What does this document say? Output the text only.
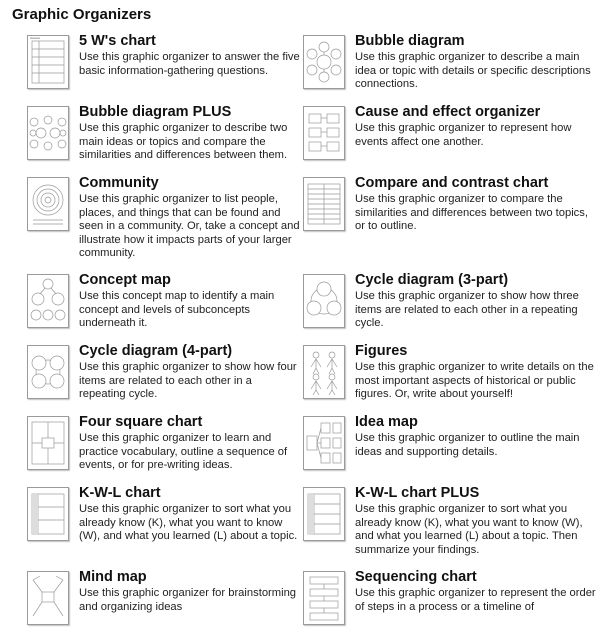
Graphic Organizers
5 W's chart
Use this graphic organizer to answer the five basic information-gathering questions.
Bubble diagram
Use this graphic organizer to describe a main idea or topic with details or specific descriptions connections.
Bubble diagram PLUS
Use this graphic organizer to describe two main ideas or topics and compare the similarities and differences between them.
Cause and effect organizer
Use this graphic organizer to represent how events affect one another.
Community
Use this graphic organizer to list people, places, and things that can be found and seen in a community. Or, take a concept and illustrate how it impacts parts of your larger community.
Compare and contrast chart
Use this graphic organizer to compare the similarities and differences between two topics, or to outline.
Concept map
Use this concept map to identify a main concept and levels of subconcepts underneath it.
Cycle diagram (3-part)
Use this graphic organizer to show how three items are related to each other in a repeating cycle.
Cycle diagram (4-part)
Use this graphic organizer to show how four items are related to each other in a repeating cycle.
Figures
Use this graphic organizer to write details on the most important aspects of historical or public figures. Or, write about yourself!
Four square chart
Use this graphic organizer to learn and practice vocabulary, outline a sequence of events, or for pre-writing ideas.
Idea map
Use this graphic organizer to outline the main ideas and supporting details.
K-W-L chart
Use this graphic organizer to sort what you already know (K), what you want to know (W), and what you learned (L) about a topic.
K-W-L chart PLUS
Use this graphic organizer to sort what you already know (K), what you want to know (W), and what you learned (L) about a topic. Then summarize your findings.
Mind map
Use this graphic organizer for brainstorming and organizing ideas
Sequencing chart
Use this graphic organizer to represent the order of steps in a process or a timeline of
